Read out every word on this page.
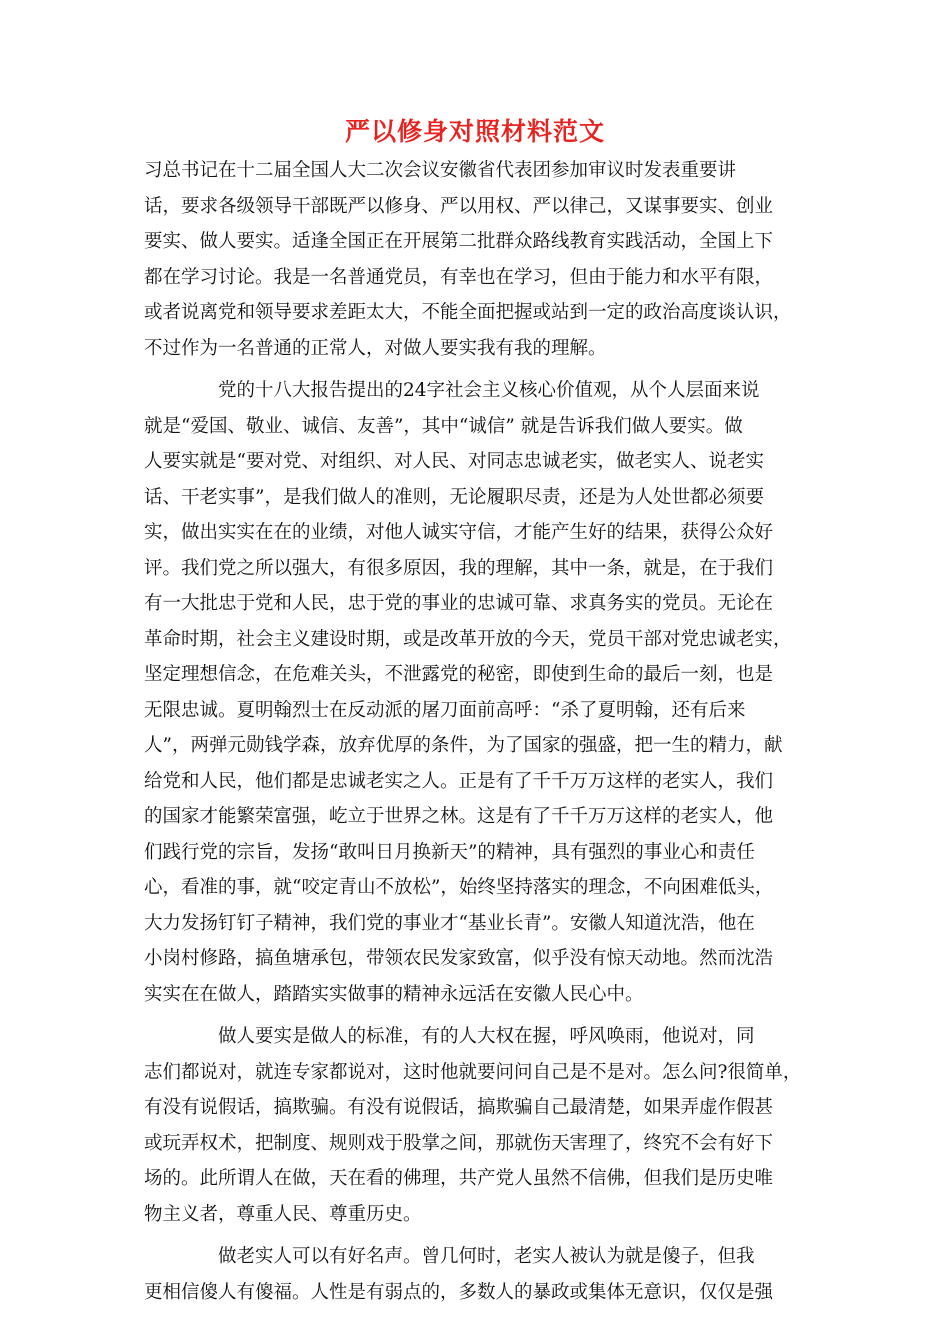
严以修身对照材料范文
习总书记在十二届全国人大二次会议安徽省代表团参加审议时发表重要讲
话，要求各级领导干部既严以修身、严以用权、严以律己，又谋事要实、创业
要实、做人要实。适逢全国正在开展第二批群众路线教育实践活动，全国上下
都在学习讨论。我是一名普通党员，有幸也在学习，但由于能力和水平有限，
或者说离党和领导要求差距太大，不能全面把握或站到一定的政治高度谈认识，
不过作为一名普通的正常人，对做人要实我有我的理解。
　　　　党的十八大报告提出的24字社会主义核心价值观，从个人层面来说
就是“爱国、敬业、诚信、友善”，其中“诚信” 就是告诉我们做人要实。做
人要实就是“要对党、对组织、对人民、对同志忠诚老实，做老实人、说老实
话、干老实事”，是我们做人的准则，无论履职尽责，还是为人处世都必须要
实，做出实实在在的业绩，对他人诚实守信，才能产生好的结果，获得公众好
评。我们党之所以强大，有很多原因，我的理解，其中一条，就是，在于我们
有一大批忠于党和人民，忠于党的事业的忠诚可靠、求真务实的党员。无论在
革命时期，社会主义建设时期，或是改革开放的今天，党员干部对党忠诚老实，
坚定理想信念，在危难关头，不泄露党的秘密，即使到生命的最后一刻，也是
无限忠诚。夏明翰烈士在反动派的屠刀面前高呼：“杀了夏明翰，还有后来
人”，两弹元勋钱学森，放弃优厚的条件，为了国家的强盛，把一生的精力，献
给党和人民，他们都是忠诚老实之人。正是有了千千万万这样的老实人，我们
的国家才能繁荣富强，屹立于世界之林。这是有了千千万万这样的老实人，他
们践行党的宗旨，发扬“敢叫日月换新天”的精神，具有强烈的事业心和责任
心，看准的事，就“咬定青山不放松”，始终坚持落实的理念，不向困难低头，
大力发扬钉钉子精神，我们党的事业才“基业长青”。安徽人知道沈浩，他在
小岗村修路，搞鱼塘承包，带领农民发家致富，似乎没有惊天动地。然而沈浩
实实在在做人，踏踏实实做事的精神永远活在安徽人民心中。
　　　　做人要实是做人的标准，有的人大权在握，呼风唤雨，他说对，同
志们都说对，就连专家都说对，这时他就要问问自己是不是对。怎么问?很简单，
有没有说假话，搞欺骗。有没有说假话，搞欺骗自己最清楚，如果弄虚作假甚
或玩弄权术，把制度、规则戏于股掌之间，那就伤天害理了，终究不会有好下
场的。此所谓人在做，天在看的佛理，共产党人虽然不信佛，但我们是历史唯
物主义者，尊重人民、尊重历史。
　　　　做老实人可以有好名声。曾几何时，老实人被认为就是傻子，但我
更相信傻人有傻福。人性是有弱点的，多数人的暴政或集体无意识，仅仅是强
